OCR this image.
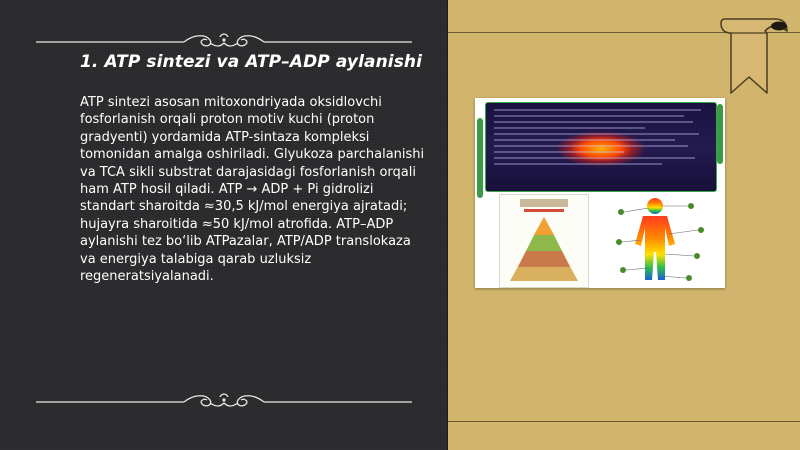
1. ATP sintezi va ATP–ADP aylanishi

ATP sintezi asosan mitoxondriyada oksidlovchi fosforlanish orqali proton motiv kuchi (proton gradyenti) yordamida ATP-sintaza kompleksi tomonidan amalga oshiriladi. Glyukoza parchalanishi va TCA sikli substrat darajasidagi fosforlanish orqali ham ATP hosil qiladi. ATP → ADP + Pi gidrolizi standart sharoitda ≈30,5 kJ/mol energiya ajratadi; hujayra sharoitida ≈50 kJ/mol atrofida. ATP–ADP aylanishi tez bo‘lib ATPazalar, ATP/ADP translokaza va energiya talabiga qarab uzluksiz regeneratsiyalanadi.
